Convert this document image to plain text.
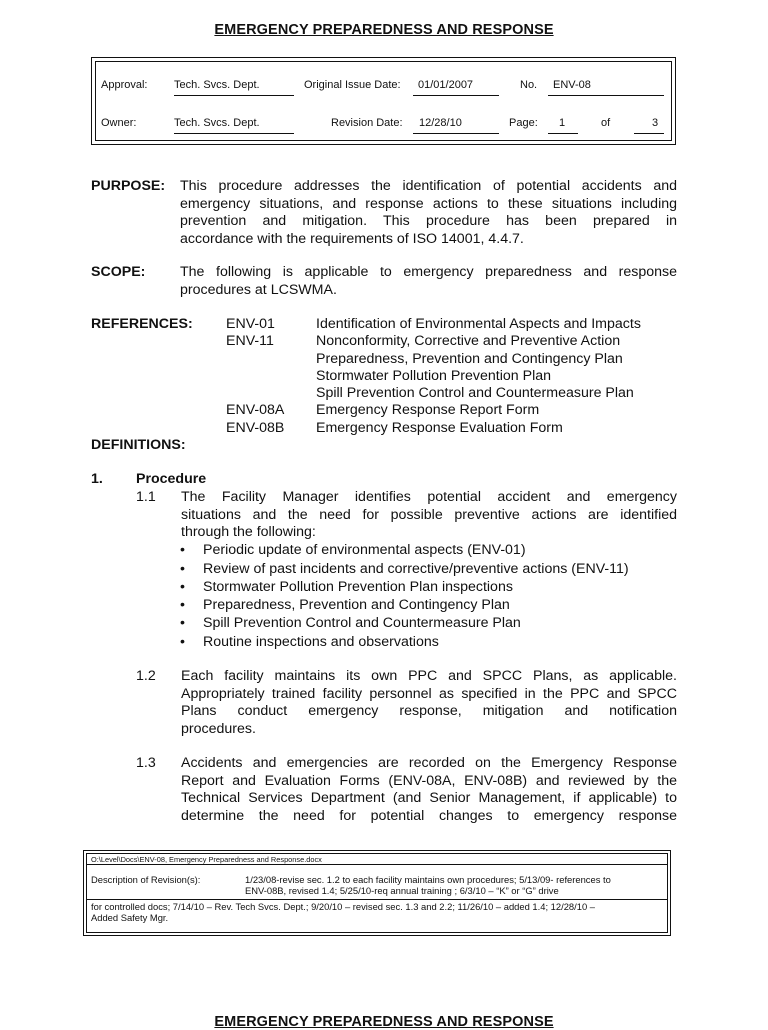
EMERGENCY PREPAREDNESS AND RESPONSE
Approval: Tech. Svcs. Dept.	Original Issue Date:	01/01/2007	No.	ENV-08
Owner:	Tech. Svcs. Dept.	Revision Date:	12/28/10	Page:	1	of	3
PURPOSE: This procedure addresses the identification of potential accidents and
emergency situations, and response actions to these situations including
prevention and mitigation. This procedure has been prepared in
accordance with the requirements of ISO 14001, 4.4.7.
SCOPE: The following is applicable to emergency preparedness and response
procedures at LCSWMA.
REFERENCES: ENV-01	Identification of Environmental Aspects and Impacts
ENV-11	Nonconformity, Corrective and Preventive Action
Preparedness, Prevention and Contingency Plan
Stormwater Pollution Prevention Plan
Spill Prevention Control and Countermeasure Plan
ENV-08A Emergency Response Report Form
ENV-08B Emergency Response Evaluation Form
DEFINITIONS:
1. Procedure
1.1 The Facility Manager identifies potential accident and emergency
situations and the need for possible preventive actions are identified
through the following:
• Periodic update of environmental aspects (ENV-01)
• Review of past incidents and corrective/preventive actions (ENV-11)
• Stormwater Pollution Prevention Plan inspections
• Preparedness, Prevention and Contingency Plan
• Spill Prevention Control and Countermeasure Plan
• Routine inspections and observations
1.2 Each facility maintains its own PPC and SPCC Plans, as applicable.
Appropriately trained facility personnel as specified in the PPC and SPCC
Plans conduct emergency response, mitigation and notification
procedures.
1.3 Accidents and emergencies are recorded on the Emergency Response
Report and Evaluation Forms (ENV-08A, ENV-08B) and reviewed by the
Technical Services Department (and Senior Management, if applicable) to
determine the need for potential changes to emergency response
O:\Level\Docs\ENV-08, Emergency Preparedness and Response.docx
Description of Revision(s):	1/23/08-revise sec. 1.2 to each facility maintains own procedures; 5/13/09- references to
ENV-08B, revised 1.4; 5/25/10-req annual training ; 6/3/10 – “K” or “G” drive
for controlled docs; 7/14/10 – Rev. Tech Svcs. Dept.; 9/20/10 – revised sec. 1.3 and 2.2; 11/26/10 – added 1.4; 12/28/10 –
Added Safety Mgr.
EMERGENCY PREPAREDNESS AND RESPONSE
